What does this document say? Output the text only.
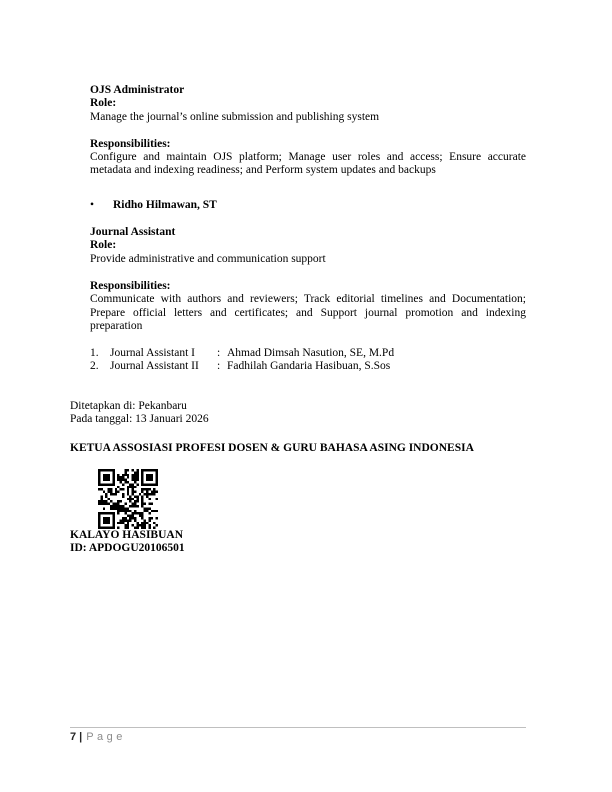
OJS Administrator
Role:
Manage the journal’s online submission and publishing system
Responsibilities:
Configure and maintain OJS platform; Manage user roles and access; Ensure accurate metadata and indexing readiness; and Perform system updates and backups
•	Ridho Hilmawan, ST
Journal Assistant
Role:
Provide administrative and communication support
Responsibilities:
Communicate with authors and reviewers; Track editorial timelines and Documentation; Prepare official letters and certificates; and Support journal promotion and indexing preparation
1. Journal Assistant I	: Ahmad Dimsah Nasution, SE, M.Pd
2. Journal Assistant II	: Fadhilah Gandaria Hasibuan, S.Sos
Ditetapkan di: Pekanbaru
Pada tanggal: 13 Januari 2026
KETUA ASSOSIASI PROFESI DOSEN & GURU BAHASA ASING INDONESIA
KALAYO HASIBUAN
ID: APDOGU20106501
7 | Page
